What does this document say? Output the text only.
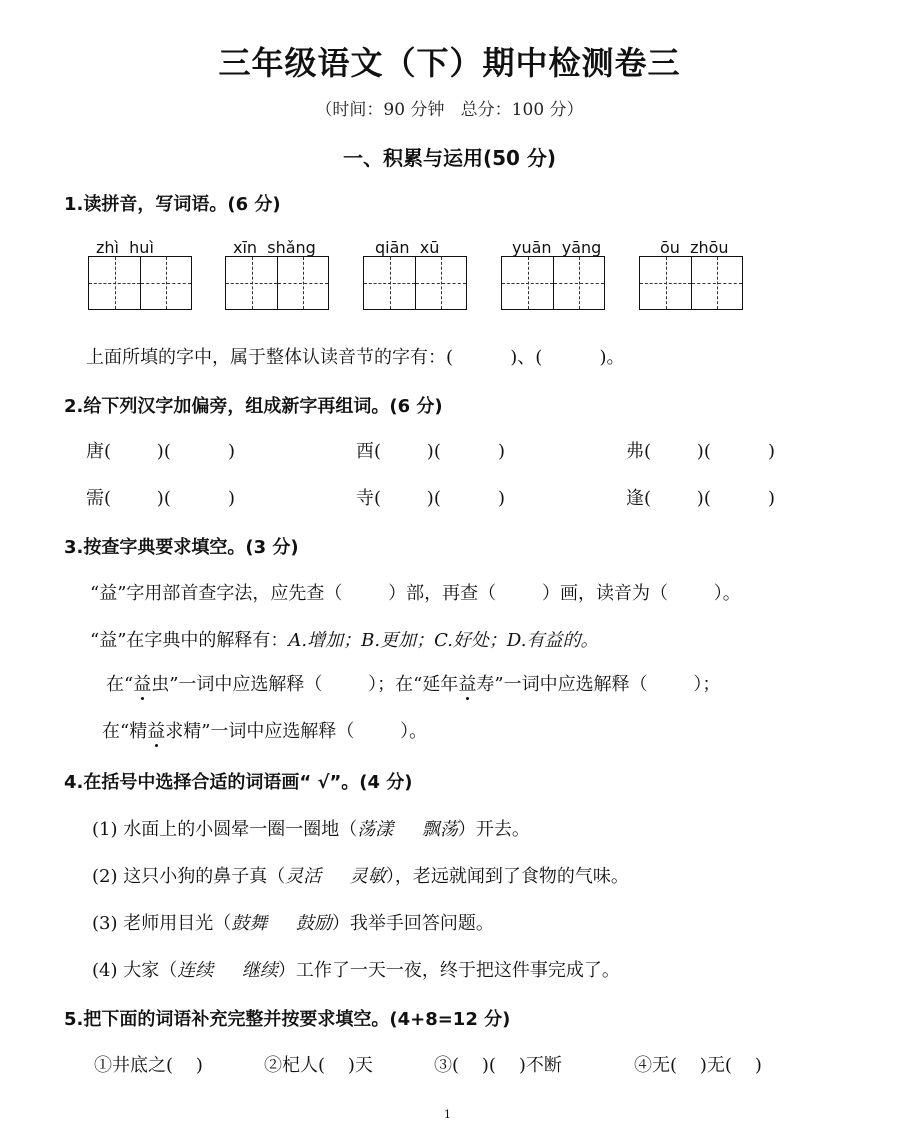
三年级语文（下）期中检测卷三
（时间：90 分钟   总分：100 分）
一、积累与运用(50 分)
1.读拼音，写词语。(6 分)
zhì  huì	xīn  shǎng	qiān  xū	yuān  yāng	ōu  zhōu
上面所填的字中，属于整体认读音节的字有：(          )、(          )。
2.给下列汉字加偏旁，组成新字再组词。(6 分)
唐(        )(          )	酉(        )(          )	弗(        )(          )
需(        )(          )	寺(        )(          )	逢(        )(          )
3.按查字典要求填空。(3 分)
“益”字用部首查字法，应先查（        ）部，再查（        ）画，读音为（        ）。
“益”在字典中的解释有：A.增加；B.更加；C.好处；D.有益的。
在“益虫”一词中应选解释（        ）；在“延年益寿”一词中应选解释（        ）；
在“精益求精”一词中应选解释（        ）。
4.在括号中选择合适的词语画“ √”。(4 分)
(1) 水面上的小圆晕一圈一圈地（荡漾     飘荡）开去。
(2) 这只小狗的鼻子真（灵活     灵敏），老远就闻到了食物的气味。
(3) 老师用目光（鼓舞     鼓励）我举手回答问题。
(4) 大家（连续     继续）工作了一天一夜，终于把这件事完成了。
5.把下面的词语补充完整并按要求填空。(4+8=12 分)
①井底之(    )	②杞人(    )天	③(    )(    )不断	④无(    )无(    )
1
